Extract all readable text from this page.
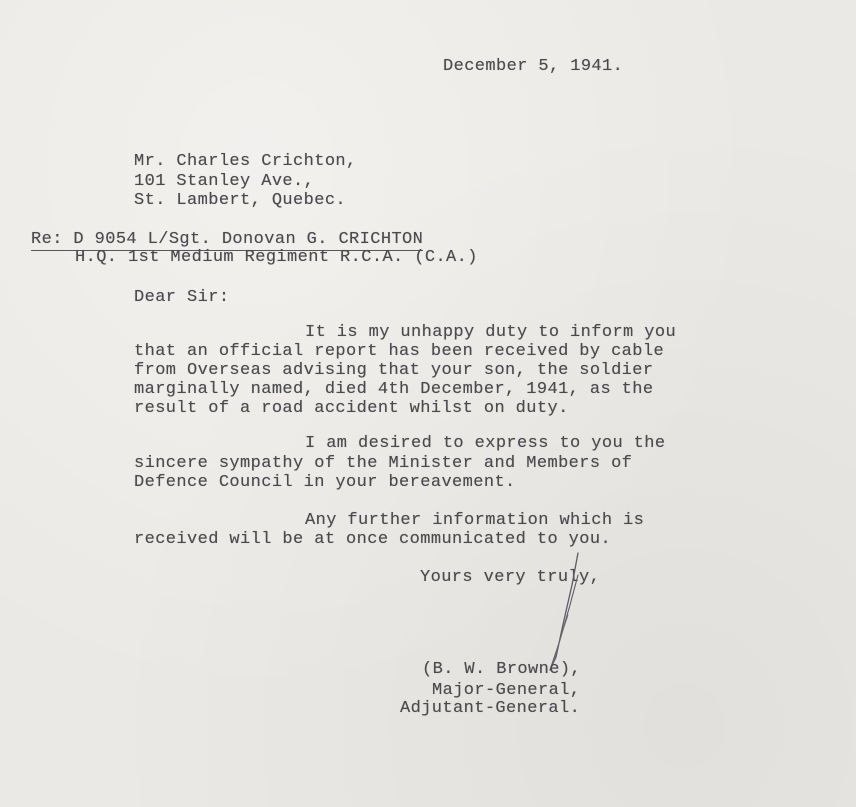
December 5, 1941.
Mr. Charles Crichton,
101 Stanley Ave.,
St. Lambert, Quebec.
Re: D 9054 L/Sgt. Donovan G. CRICHTON
H.Q. 1st Medium Regiment R.C.A. (C.A.)
Dear Sir:
It is my unhappy duty to inform you
that an official report has been received by cable
from Overseas advising that your son, the soldier
marginally named, died 4th December, 1941, as the
result of a road accident whilst on duty.
I am desired to express to you the
sincere sympathy of the Minister and Members of
Defence Council in your bereavement.
Any further information which is
received will be at once communicated to you.
Yours very truly,
(B. W. Browne),
Major-General,
Adjutant-General.
